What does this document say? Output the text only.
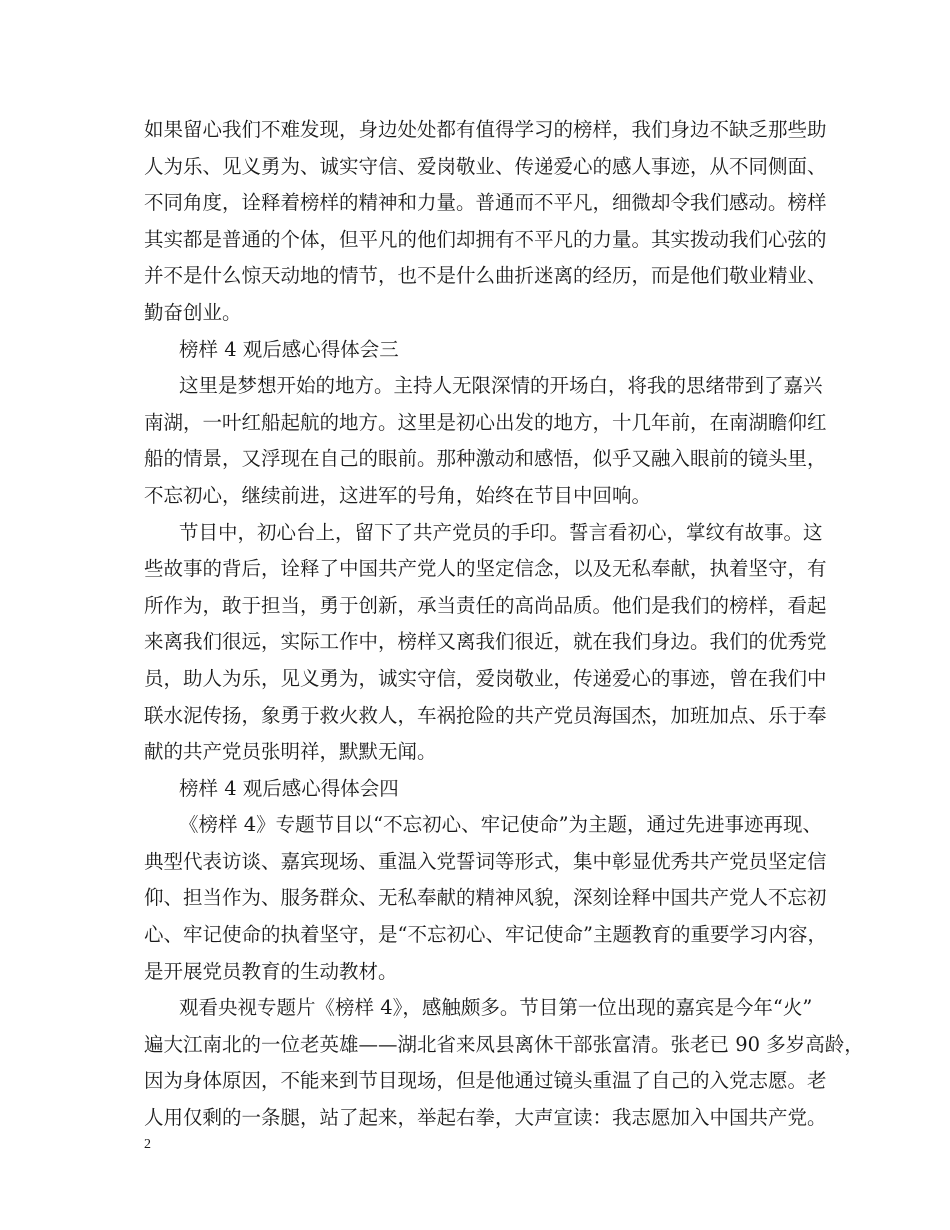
如果留心我们不难发现，身边处处都有值得学习的榜样，我们身边不缺乏那些助
人为乐、见义勇为、诚实守信、爱岗敬业、传递爱心的感人事迹，从不同侧面、
不同角度，诠释着榜样的精神和力量。普通而不平凡，细微却令我们感动。榜样
其实都是普通的个体，但平凡的他们却拥有不平凡的力量。其实拨动我们心弦的
并不是什么惊天动地的情节，也不是什么曲折迷离的经历，而是他们敬业精业、
勤奋创业。
榜样 4 观后感心得体会三
这里是梦想开始的地方。主持人无限深情的开场白，将我的思绪带到了嘉兴
南湖，一叶红船起航的地方。这里是初心出发的地方，十几年前，在南湖瞻仰红
船的情景，又浮现在自己的眼前。那种激动和感悟，似乎又融入眼前的镜头里，
不忘初心，继续前进，这进军的号角，始终在节目中回响。
节目中，初心台上，留下了共产党员的手印。誓言看初心，掌纹有故事。这
些故事的背后，诠释了中国共产党人的坚定信念，以及无私奉献，执着坚守，有
所作为，敢于担当，勇于创新，承当责任的高尚品质。他们是我们的榜样，看起
来离我们很远，实际工作中，榜样又离我们很近，就在我们身边。我们的优秀党
员，助人为乐，见义勇为，诚实守信，爱岗敬业，传递爱心的事迹，曾在我们中
联水泥传扬，象勇于救火救人，车祸抢险的共产党员海国杰，加班加点、乐于奉
献的共产党员张明祥，默默无闻。
榜样 4 观后感心得体会四
《榜样 4》专题节目以“不忘初心、牢记使命”为主题，通过先进事迹再现、
典型代表访谈、嘉宾现场、重温入党誓词等形式，集中彰显优秀共产党员坚定信
仰、担当作为、服务群众、无私奉献的精神风貌，深刻诠释中国共产党人不忘初
心、牢记使命的执着坚守，是“不忘初心、牢记使命”主题教育的重要学习内容，
是开展党员教育的生动教材。
观看央视专题片《榜样 4》，感触颇多。节目第一位出现的嘉宾是今年“火”
遍大江南北的一位老英雄——湖北省来凤县离休干部张富清。张老已 90 多岁高龄，
因为身体原因，不能来到节目现场，但是他通过镜头重温了自己的入党志愿。老
人用仅剩的一条腿，站了起来，举起右拳，大声宣读：我志愿加入中国共产党。
2
